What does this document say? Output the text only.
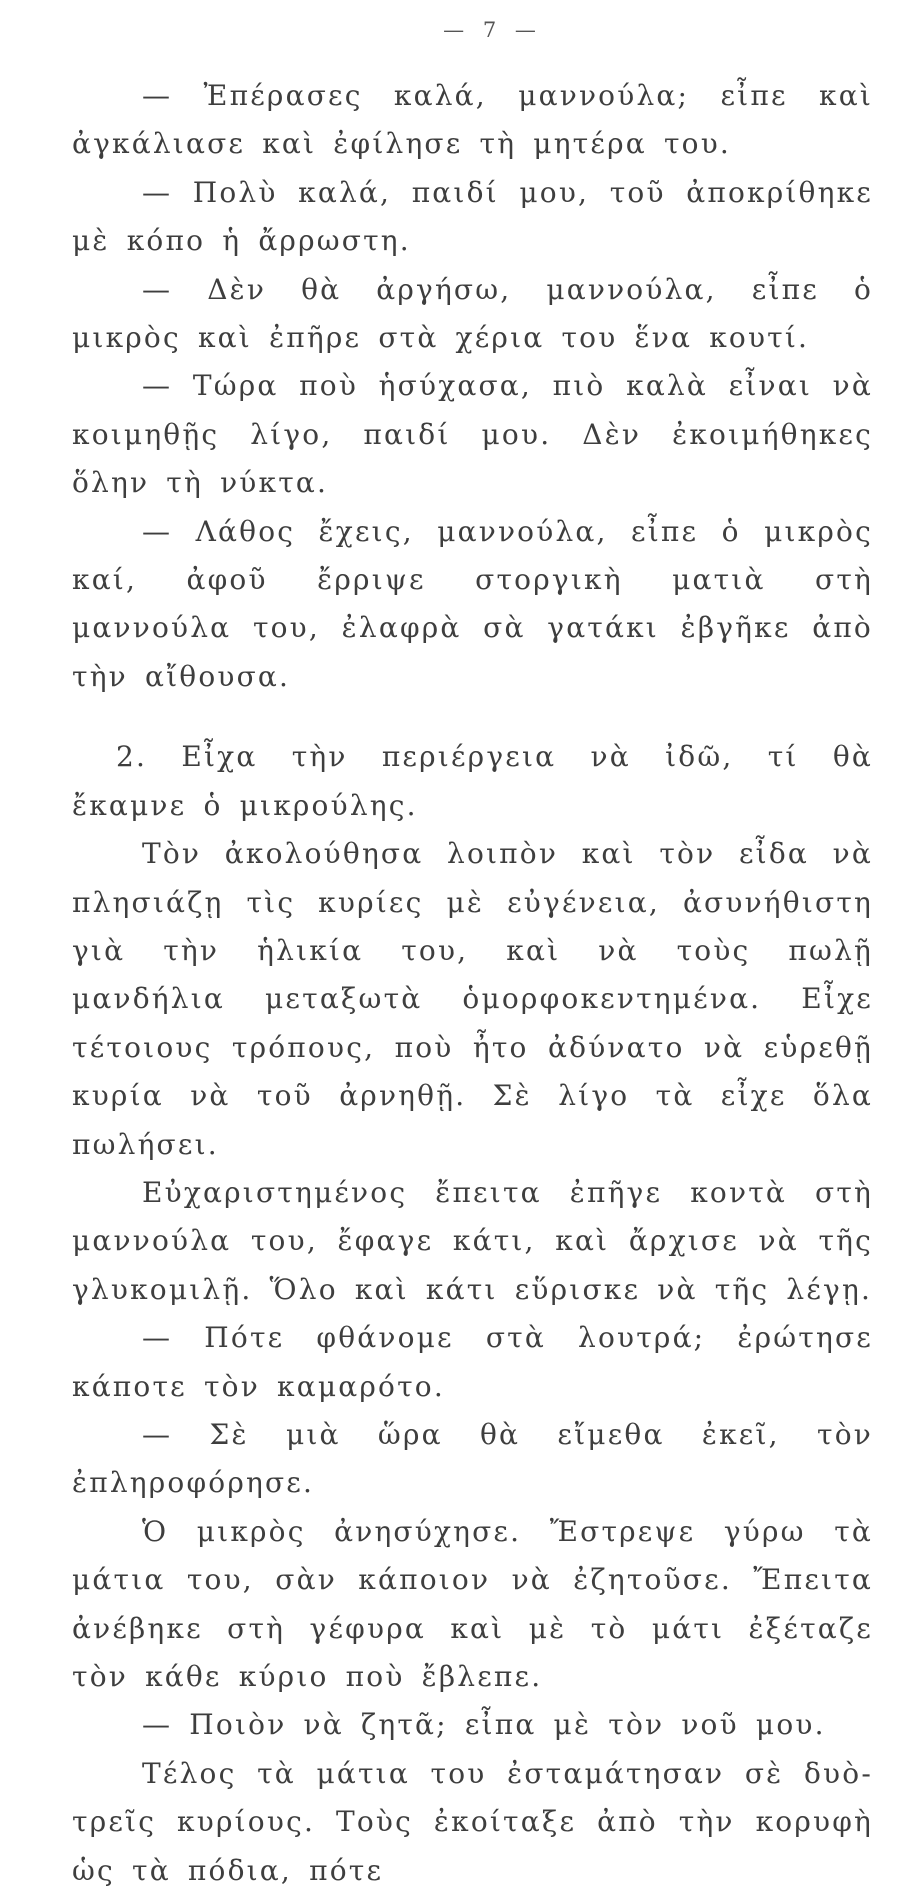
— 7 —

— Ἐπέρασες καλά, μαννούλα; εἶπε καὶ ἀγκάλιασε καὶ ἐφίλησε τὴ μητέρα του.

— Πολὺ καλά, παιδί μου, τοῦ ἀποκρίθηκε μὲ κόπο ἡ ἄρρωστη.

— Δὲν θὰ ἀργήσω, μαννούλα, εἶπε ὁ μικρὸς καὶ ἐπῆρε στὰ χέρια του ἕνα κουτί.

— Τώρα ποὺ ἡσύχασα, πιὸ καλὰ εἶναι νὰ κοιμηθῇς λίγο, παιδί μου. Δὲν ἐκοιμήθηκες ὅλην τὴ νύκτα.

— Λάθος ἔχεις, μαννούλα, εἶπε ὁ μικρὸς καί, ἀφοῦ ἔρριψε στοργικὴ ματιὰ στὴ μαννούλα του, ἐλαφρὰ σὰ γατάκι ἐβγῆκε ἀπὸ τὴν αἴθουσα.

2. Εἶχα τὴν περιέργεια νὰ ἰδῶ, τί θὰ ἔκαμνε ὁ μικρούλης.

Τὸν ἀκολούθησα λοιπὸν καὶ τὸν εἶδα νὰ πλησιάζῃ τὶς κυρίες μὲ εὐγένεια, ἀσυνήθιστη γιὰ τὴν ἡλικία του, καὶ νὰ τοὺς πωλῇ μανδήλια μεταξωτὰ ὁμορφοκεντημένα. Εἶχε τέτοιους τρόπους, ποὺ ἦτο ἀδύνατο νὰ εὑρεθῇ κυρία νὰ τοῦ ἀρνηθῇ. Σὲ λίγο τὰ εἶχε ὅλα πωλήσει.

Εὐχαριστημένος ἔπειτα ἐπῆγε κοντὰ στὴ μαννούλα του, ἔφαγε κάτι, καὶ ἄρχισε νὰ τῆς γλυκομιλῇ. Ὅλο καὶ κάτι εὕρισκε νὰ τῆς λέγῃ.

— Πότε φθάνομε στὰ λουτρά; ἐρώτησε κάποτε τὸν καμαρότο.

— Σὲ μιὰ ὥρα θὰ εἴμεθα ἐκεῖ, τὸν ἐπληροφόρησε.

Ὁ μικρὸς ἀνησύχησε. Ἔστρεψε γύρω τὰ μάτια του, σὰν κάποιον νὰ ἐζητοῦσε. Ἔπειτα ἀνέβηκε στὴ γέφυρα καὶ μὲ τὸ μάτι ἐξέταζε τὸν κάθε κύριο ποὺ ἔβλεπε.

— Ποιὸν νὰ ζητᾶ; εἶπα μὲ τὸν νοῦ μου.

Τέλος τὰ μάτια του ἐσταμάτησαν σὲ δυὸ-τρεῖς κυρίους. Τοὺς ἐκοίταξε ἀπὸ τὴν κορυφὴ ὡς τὰ πόδια, πότε
